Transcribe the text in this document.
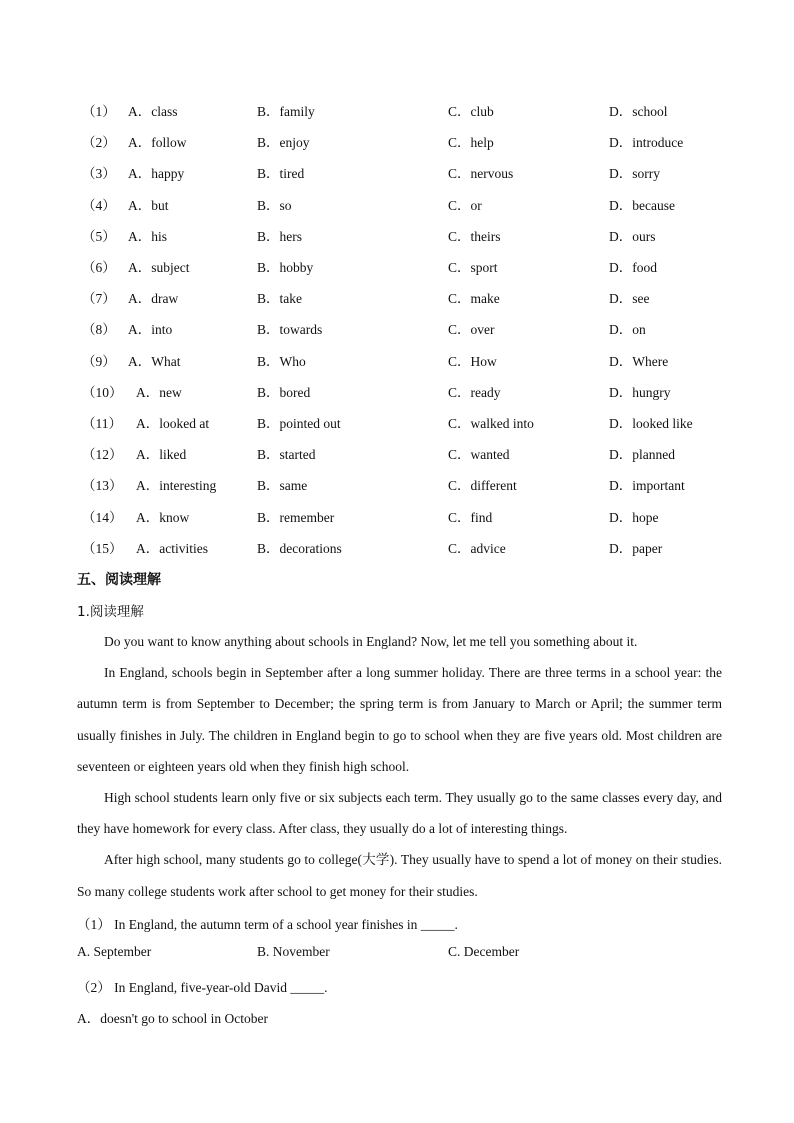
（1） A．class	B．family	C．club	D．school
（2） A．follow	B．enjoy	C．help	D．introduce
（3） A．happy	B．tired	C．nervous	D．sorry
（4） A．but	B．so	C．or	D．because
（5） A．his	B．hers	C．theirs	D．ours
（6） A．subject	B．hobby	C．sport	D．food
（7） A．draw	B．take	C．make	D．see
（8） A．into	B．towards	C．over	D．on
（9） A．What	B．Who	C．How	D．Where
（10） A．new	B．bored	C．ready	D．hungry
（11） A．looked at	B．pointed out	C．walked into	D．looked like
（12） A．liked	B．started	C．wanted	D．planned
（13） A．interesting	B．same	C．different	D．important
（14） A．know	B．remember	C．find	D．hope
（15） A．activities	B．decorations	C．advice	D．paper
五、阅读理解
1.阅读理解

Do you want to know anything about schools in England? Now, let me tell you something about it.

In England, schools begin in September after a long summer holiday. There are three terms in a school year: the autumn term is from September to December; the spring term is from January to March or April; the summer term usually finishes in July. The children in England begin to go to school when they are five years old. Most children are seventeen or eighteen years old when they finish high school.

High school students learn only five or six subjects each term. They usually go to the same classes every day, and they have homework for every class. After class, they usually do a lot of interesting things.

After high school, many students go to college(大学). They usually have to spend a lot of money on their studies. So many college students work after school to get money for their studies.

（1） In England, the autumn term of a school year finishes in _____.
A. September	B. November	C. December
（2） In England, five-year-old David _____.
A．doesn't go to school in October
